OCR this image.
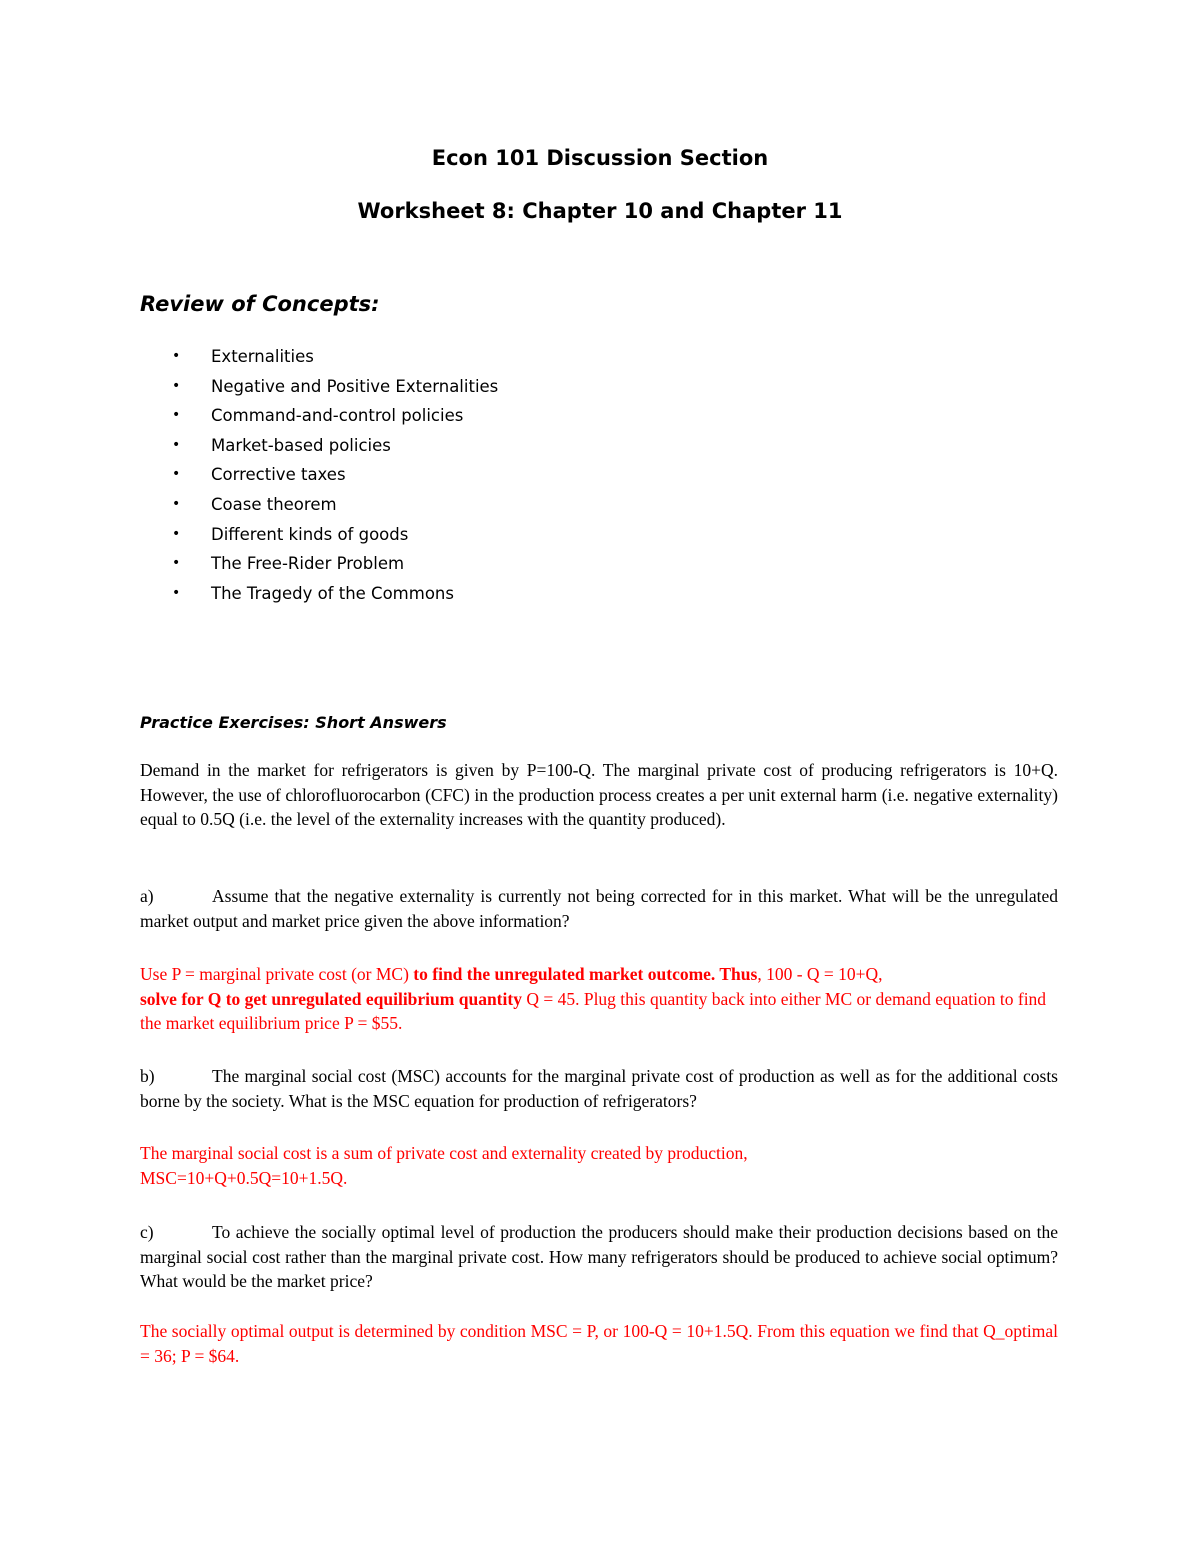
Econ 101 Discussion Section
Worksheet 8: Chapter 10 and Chapter 11
Review of Concepts:
• Externalities
• Negative and Positive Externalities
• Command-and-control policies
• Market-based policies
• Corrective taxes
• Coase theorem
• Different kinds of goods
• The Free-Rider Problem
• The Tragedy of the Commons
Practice Exercises: Short Answers

Demand in the market for refrigerators is given by P=100-Q. The marginal private cost of producing refrigerators is 10+Q. However, the use of chlorofluorocarbon (CFC) in the production process creates a per unit external harm (i.e. negative externality) equal to 0.5Q (i.e. the level of the externality increases with the quantity produced).

a)	Assume that the negative externality is currently not being corrected for in this market. What will be the unregulated market output and market price given the above information?

Use P = marginal private cost (or MC) to find the unregulated market outcome. Thus, 100 - Q = 10+Q,
solve for Q to get unregulated equilibrium quantity Q = 45. Plug this quantity back into either MC or demand equation to find the market equilibrium price P = $55.

b)	The marginal social cost (MSC) accounts for the marginal private cost of production as well as for the additional costs borne by the society. What is the MSC equation for production of refrigerators?

The marginal social cost is a sum of private cost and externality created by production,
MSC=10+Q+0.5Q=10+1.5Q.

c)	To achieve the socially optimal level of production the producers should make their production decisions based on the marginal social cost rather than the marginal private cost. How many refrigerators should be produced to achieve social optimum? What would be the market price?

The socially optimal output is determined by condition MSC = P, or 100-Q = 10+1.5Q. From this equation we find that Q_optimal = 36; P = $64.
